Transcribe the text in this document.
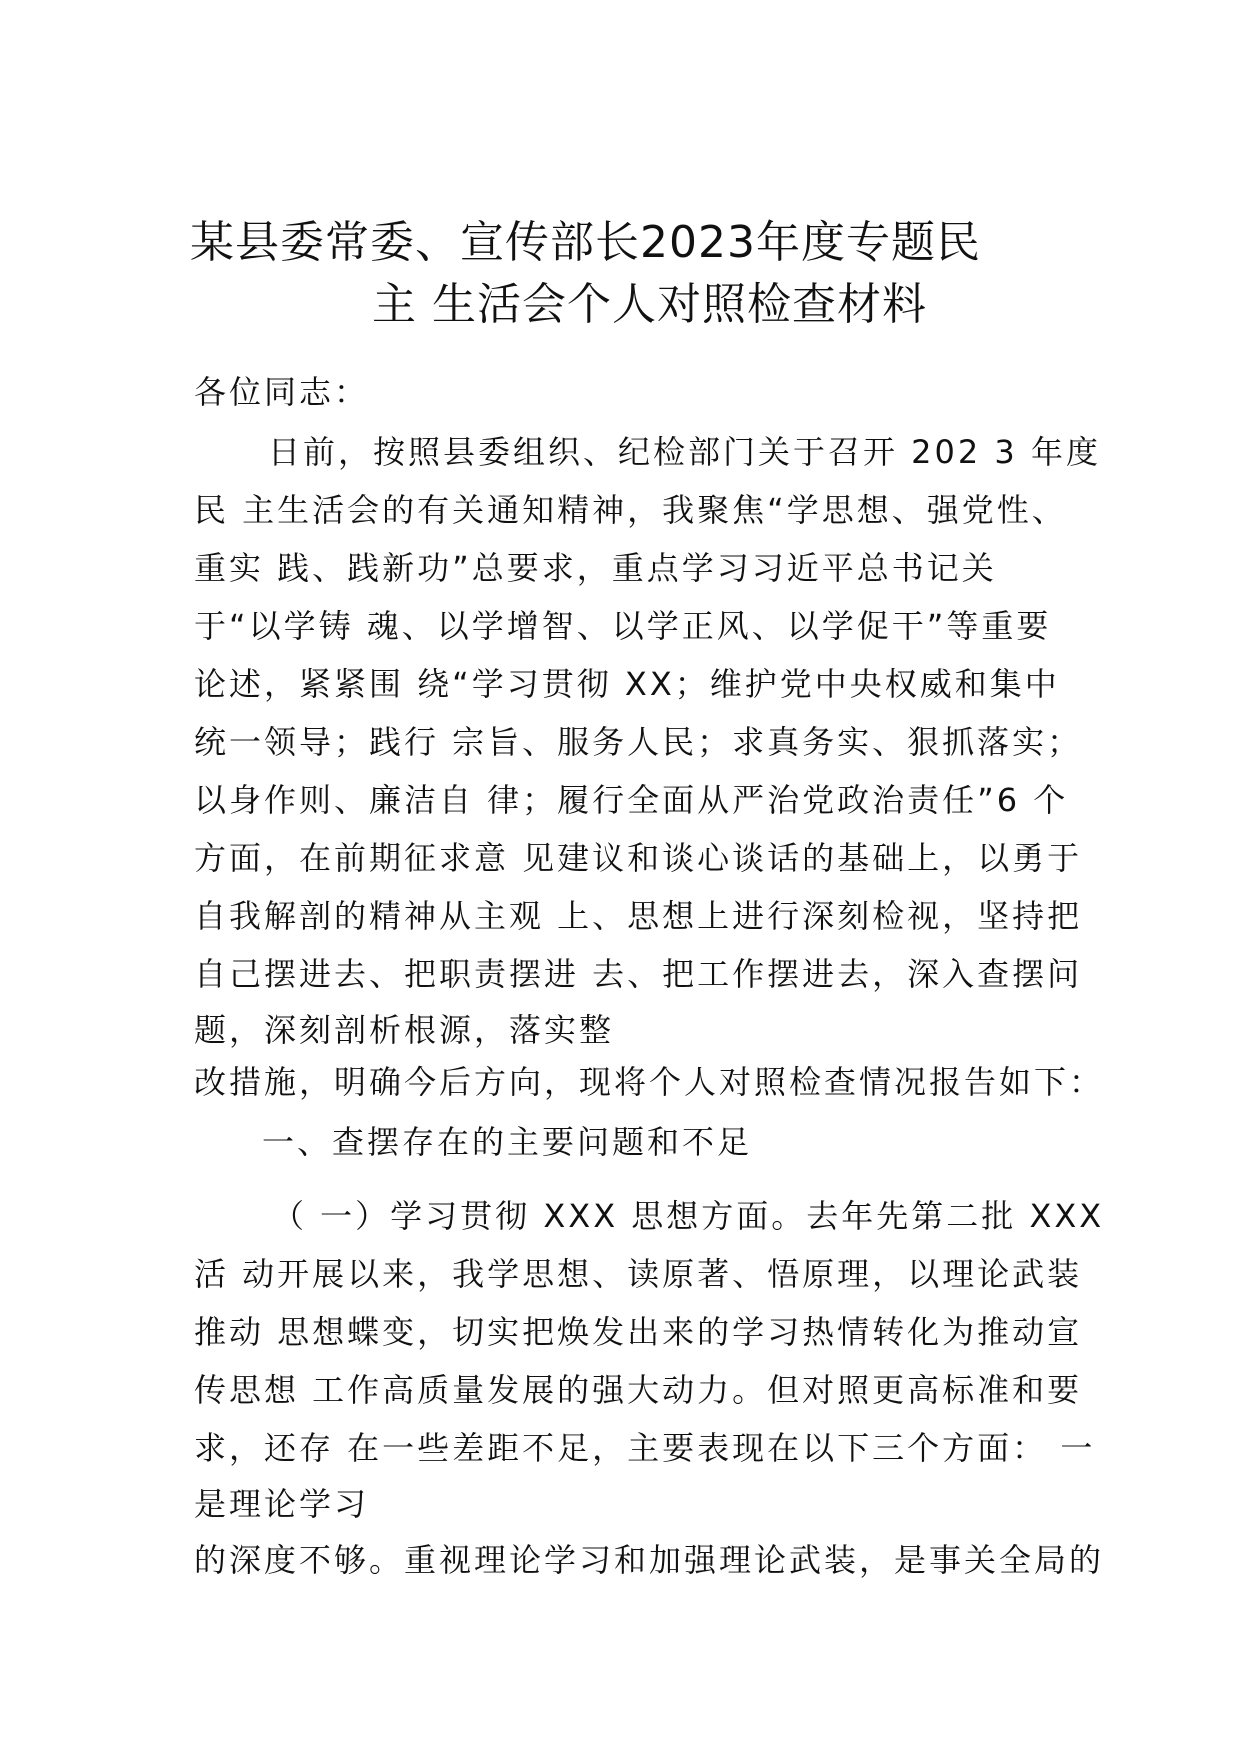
某县委常委、宣传部长2023年度专题民
主 生活会个人对照检查材料
各位同志：
日前，按照县委组织、纪检部门关于召开 202 3 年度
民 主生活会的有关通知精神，我聚焦“学思想、强党性、
重实 践、践新功”总要求，重点学习习近平总书记关
于“以学铸 魂、以学增智、以学正风、以学促干”等重要
论述，紧紧围 绕“学习贯彻 XX；维护党中央权威和集中
统一领导；践行 宗旨、服务人民；求真务实、狠抓落实；
以身作则、廉洁自 律；履行全面从严治党政治责任”6 个
方面，在前期征求意 见建议和谈心谈话的基础上，以勇于
自我解剖的精神从主观 上、思想上进行深刻检视，坚持把
自己摆进去、把职责摆进 去、把工作摆进去，深入查摆问
题，深刻剖析根源，落实整
改措施，明确今后方向，现将个人对照检查情况报告如下：
一、查摆存在的主要问题和不足
（ 一）学习贯彻 XXX 思想方面。去年先第二批 XXX
活 动开展以来，我学思想、读原著、悟原理，以理论武装
推动 思想蝶变，切实把焕发出来的学习热情转化为推动宣
传思想 工作高质量发展的强大动力。但对照更高标准和要
求，还存 在一些差距不足，主要表现在以下三个方面： 一
是理论学习
的深度不够。重视理论学习和加强理论武装，是事关全局的
